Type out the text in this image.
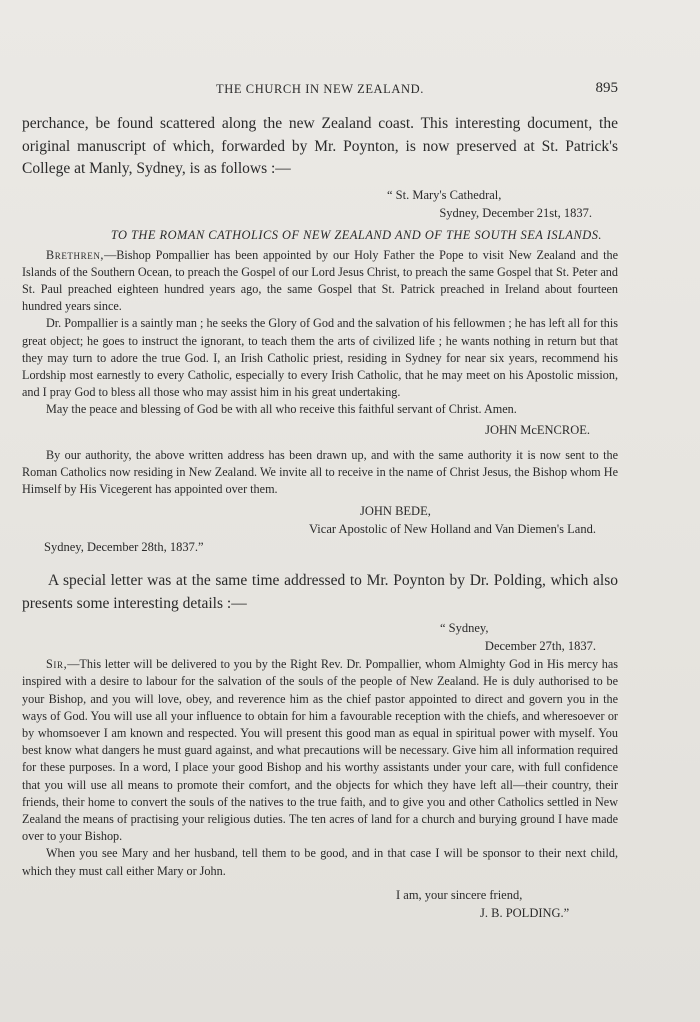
THE CHURCH IN NEW ZEALAND.	895

perchance, be found scattered along the new Zealand coast. This interesting document, the original manuscript of which, forwarded by Mr. Poynton, is now preserved at St. Patrick's College at Manly, Sydney, is as follows :—

“ St. Mary's Cathedral,

Sydney, December 21st, 1837.

TO THE ROMAN CATHOLICS OF NEW ZEALAND AND OF THE SOUTH SEA ISLANDS.

Brethren,—Bishop Pompallier has been appointed by our Holy Father the Pope to visit New Zealand and the Islands of the Southern Ocean, to preach the Gospel of our Lord Jesus Christ, to preach the same Gospel that St. Peter and St. Paul preached eighteen hundred years ago, the same Gospel that St. Patrick preached in Ireland about fourteen hundred years since.

Dr. Pompallier is a saintly man ; he seeks the Glory of God and the salvation of his fellowmen ; he has left all for this great object; he goes to instruct the ignorant, to teach them the arts of civilized life ; he wants nothing in return but that they may turn to adore the true God. I, an Irish Catholic priest, residing in Sydney for near six years, recommend his Lordship most earnestly to every Catholic, especially to every Irish Catholic, that he may meet on his Apostolic mission, and I pray God to bless all those who may assist him in his great undertaking.

May the peace and blessing of God be with all who receive this faithful servant of Christ. Amen.

JOHN McENCROE.

By our authority, the above written address has been drawn up, and with the same authority it is now sent to the Roman Catholics now residing in New Zealand. We invite all to receive in the name of Christ Jesus, the Bishop whom He Himself by His Vicegerent has appointed over them.

JOHN BEDE,

Vicar Apostolic of New Holland and Van Diemen's Land.

Sydney, December 28th, 1837.”

A special letter was at the same time addressed to Mr. Poynton by Dr. Polding, which also presents some interesting details :—

“ Sydney,

December 27th, 1837.

Sir,—This letter will be delivered to you by the Right Rev. Dr. Pompallier, whom Almighty God in His mercy has inspired with a desire to labour for the salvation of the souls of the people of New Zealand. He is duly authorised to be your Bishop, and you will love, obey, and reverence him as the chief pastor appointed to direct and govern you in the ways of God. You will use all your influence to obtain for him a favourable reception with the chiefs, and wheresoever or by whomsoever I am known and respected. You will present this good man as equal in spiritual power with myself. You best know what dangers he must guard against, and what precautions will be necessary. Give him all information required for these purposes. In a word, I place your good Bishop and his worthy assistants under your care, with full confidence that you will use all means to promote their comfort, and the objects for which they have left all—their country, their friends, their home to convert the souls of the natives to the true faith, and to give you and other Catholics settled in New Zealand the means of practising your religious duties. The ten acres of land for a church and burying ground I have made over to your Bishop.

When you see Mary and her husband, tell them to be good, and in that case I will be sponsor to their next child, which they must call either Mary or John.

I am, your sincere friend,

J. B. POLDING.”
